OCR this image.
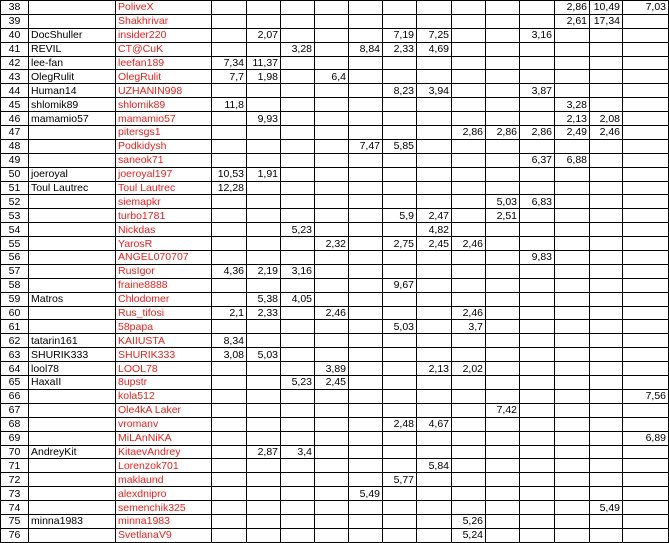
38		PoliveX											2,86	10,49	7,03	
39		Shakhrivar											2,61	17,34		
40	DocShuller	insider220		2,07				7,19	7,25			3,16				
41	REVIL	CT@CuK			3,28		8,84	2,33	4,69							
42	lee-fan	leefan189	7,34	11,37												
43	OlegRulit	OlegRulit	7,7	1,98		6,4										
44	Human14	UZHANIN998						8,23	3,94			3,87				
45	shlomik89	shlomik89	11,8										3,28			
46	mamamio57	mamamio57		9,93									2,13	2,08		
47		pitersgs1								2,86	2,86	2,86	2,49	2,46		
48		Podkidysh					7,47	5,85								
49		saneok71										6,37	6,88			
50	joeroyal	joeroyal197	10,53	1,91												
51	Toul Lautrec	Toul Lautrec	12,28													
52		siemapkr									5,03	6,83				
53		turbo1781						5,9	2,47		2,51					
54		Nickdas			5,23				4,82							
55		YarosR				2,32		2,75	2,45	2,46						
56		ANGEL070707										9,83				
57		RusIgor	4,36	2,19	3,16											
58		fraine8888						9,67								
59	Matros	Chlodomer		5,38	4,05											
60		Rus_tifosi	2,1	2,33		2,46				2,46						
61		58papa						5,03		3,7						
62	tatarin161	KAIIUSTA	8,34													
63	SHURIK333	SHURIK333	3,08	5,03												
64	lool78	LOOL78				3,89			2,13	2,02						
65	HaxaII	8upstr			5,23	2,45										
66		kola512													7,56	
67		Ole4kA Laker									7,42					
68		vromanv						2,48	4,67							
69		MiLAnNiKA													6,89	
70	AndreyKit	KitaevAndrey		2,87	3,4											
71		Lorenzok701							5,84							
72		maklaund						5,77								
73		alexdnipro					5,49									
74		semenchik325												5,49		
75	minna1983	minna1983								5,26						
76		SvetlanaV9								5,24						
